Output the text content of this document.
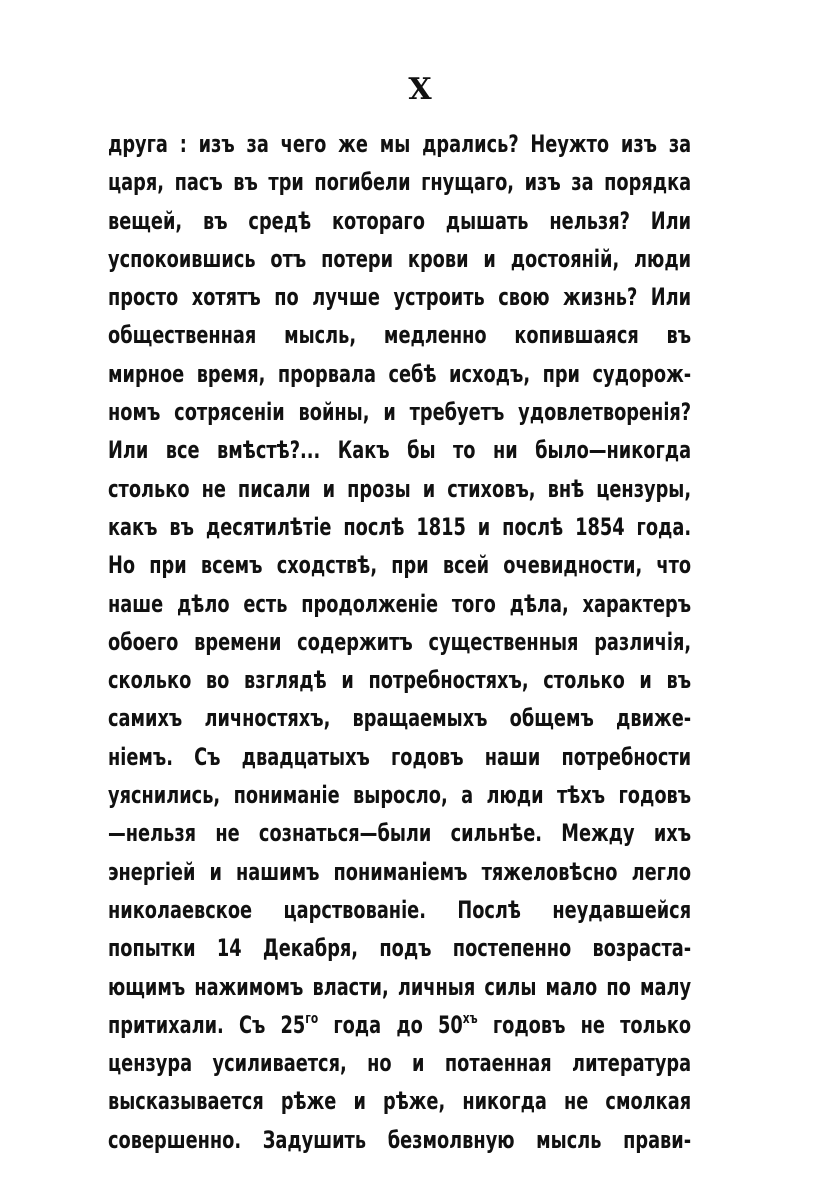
X
друга : изъ за чего же мы дрались? Неужто изъ за
царя, пасъ въ три погибели гнущаго, изъ за порядка
вещей, въ средѣ котораго дышать нельзя? Или
успокоившись отъ потери крови и достояній, люди
просто хотятъ по лучше устроить свою жизнь? Или
общественная мысль, медленно копившаяся въ
мирное время, прорвала себѣ исходъ, при судорож-
номъ сотрясеніи войны, и требуетъ удовлетворенія?
Или все вмѣстѣ?... Какъ бы то ни было—никогда
столько не писали и прозы и стиховъ, внѣ цензуры,
какъ въ десятилѣтіе послѣ 1815 и послѣ 1854 года.
Но при всемъ сходствѣ, при всей очевидности, что
наше дѣло есть продолженіе того дѣла, характеръ
обоего времени содержитъ существенныя различія,
сколько во взглядѣ и потребностяхъ, столько и въ
самихъ личностяхъ, вращаемыхъ общемъ движе-
ніемъ. Съ двадцатыхъ годовъ наши потребности
уяснились, пониманіе выросло, а люди тѣхъ годовъ
—нельзя не сознаться—были сильнѣе. Между ихъ
энергіей и нашимъ пониманіемъ тяжеловѣсно легло
николаевское царствованіе. Послѣ неудавшейся
попытки 14 Декабря, подъ постепенно возраста-
ющимъ нажимомъ власти, личныя силы мало по малу
притихали. Съ $25^{го}$ года до $50^{хъ}$ годовъ не только
цензура усиливается, но и потаенная литература
высказывается рѣже и рѣже, никогда не смолкая
совершенно. Задушить безмолвную мысль прави-
